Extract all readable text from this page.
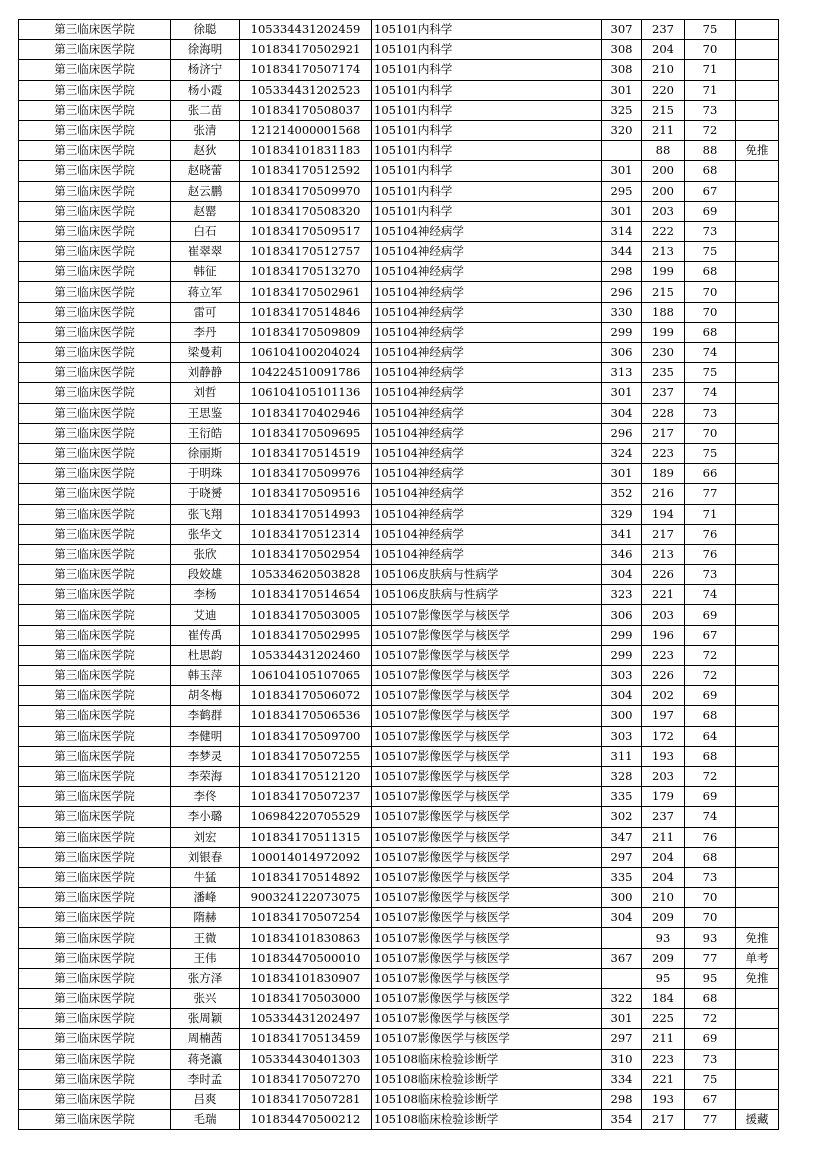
第三临床医学院	徐聪	105334431202459	105101内科学	307	237	75	
第三临床医学院	徐海明	101834170502921	105101内科学	308	204	70	
第三临床医学院	杨济宁	101834170507174	105101内科学	308	210	71	
第三临床医学院	杨小霞	105334431202523	105101内科学	301	220	71	
第三临床医学院	张二苗	101834170508037	105101内科学	325	215	73	
第三临床医学院	张清	121214000001568	105101内科学	320	211	72	
第三临床医学院	赵狄	101834101831183	105101内科学		88	88	免推
第三临床医学院	赵晓蕾	101834170512592	105101内科学	301	200	68	
第三临床医学院	赵云鹏	101834170509970	105101内科学	295	200	67	
第三临床医学院	赵罂	101834170508320	105101内科学	301	203	69	
第三临床医学院	白石	101834170509517	105104神经病学	314	222	73	
第三临床医学院	崔翠翠	101834170512757	105104神经病学	344	213	75	
第三临床医学院	韩征	101834170513270	105104神经病学	298	199	68	
第三临床医学院	蒋立军	101834170502961	105104神经病学	296	215	70	
第三临床医学院	雷可	101834170514846	105104神经病学	330	188	70	
第三临床医学院	李丹	101834170509809	105104神经病学	299	199	68	
第三临床医学院	梁曼莉	106104100204024	105104神经病学	306	230	74	
第三临床医学院	刘静静	104224510091786	105104神经病学	313	235	75	
第三临床医学院	刘哲	106104105101136	105104神经病学	301	237	74	
第三临床医学院	王思鉴	101834170402946	105104神经病学	304	228	73	
第三临床医学院	王衍皓	101834170509695	105104神经病学	296	217	70	
第三临床医学院	徐丽斯	101834170514519	105104神经病学	324	223	75	
第三临床医学院	于明珠	101834170509976	105104神经病学	301	189	66	
第三临床医学院	于晓赟	101834170509516	105104神经病学	352	216	77	
第三临床医学院	张飞翔	101834170514993	105104神经病学	329	194	71	
第三临床医学院	张华文	101834170512314	105104神经病学	341	217	76	
第三临床医学院	张欣	101834170502954	105104神经病学	346	213	76	
第三临床医学院	段姣雄	105334620503828	105106皮肤病与性病学	304	226	73	
第三临床医学院	李杨	101834170514654	105106皮肤病与性病学	323	221	74	
第三临床医学院	艾迪	101834170503005	105107影像医学与核医学	306	203	69	
第三临床医学院	崔传禹	101834170502995	105107影像医学与核医学	299	196	67	
第三临床医学院	杜思韵	105334431202460	105107影像医学与核医学	299	223	72	
第三临床医学院	韩玉萍	106104105107065	105107影像医学与核医学	303	226	72	
第三临床医学院	胡冬梅	101834170506072	105107影像医学与核医学	304	202	69	
第三临床医学院	李鹤群	101834170506536	105107影像医学与核医学	300	197	68	
第三临床医学院	李健明	101834170509700	105107影像医学与核医学	303	172	64	
第三临床医学院	李梦灵	101834170507255	105107影像医学与核医学	311	193	68	
第三临床医学院	李荣海	101834170512120	105107影像医学与核医学	328	203	72	
第三临床医学院	李佟	101834170507237	105107影像医学与核医学	335	179	69	
第三临床医学院	李小璐	106984220705529	105107影像医学与核医学	302	237	74	
第三临床医学院	刘宏	101834170511315	105107影像医学与核医学	347	211	76	
第三临床医学院	刘银春	100014014972092	105107影像医学与核医学	297	204	68	
第三临床医学院	牛猛	101834170514892	105107影像医学与核医学	335	204	73	
第三临床医学院	潘峰	900324122073075	105107影像医学与核医学	300	210	70	
第三临床医学院	隋赫	101834170507254	105107影像医学与核医学	304	209	70	
第三临床医学院	王微	101834101830863	105107影像医学与核医学		93	93	免推
第三临床医学院	王伟	101834470500010	105107影像医学与核医学	367	209	77	单考
第三临床医学院	张方泽	101834101830907	105107影像医学与核医学		95	95	免推
第三临床医学院	张兴	101834170503000	105107影像医学与核医学	322	184	68	
第三临床医学院	张周颖	105334431202497	105107影像医学与核医学	301	225	72	
第三临床医学院	周楠茜	101834170513459	105107影像医学与核医学	297	211	69	
第三临床医学院	蒋尧瀛	105334430401303	105108临床检验诊断学	310	223	73	
第三临床医学院	李时孟	101834170507270	105108临床检验诊断学	334	221	75	
第三临床医学院	吕爽	101834170507281	105108临床检验诊断学	298	193	67	
第三临床医学院	毛瑞	101834470500212	105108临床检验诊断学	354	217	77	援藏
